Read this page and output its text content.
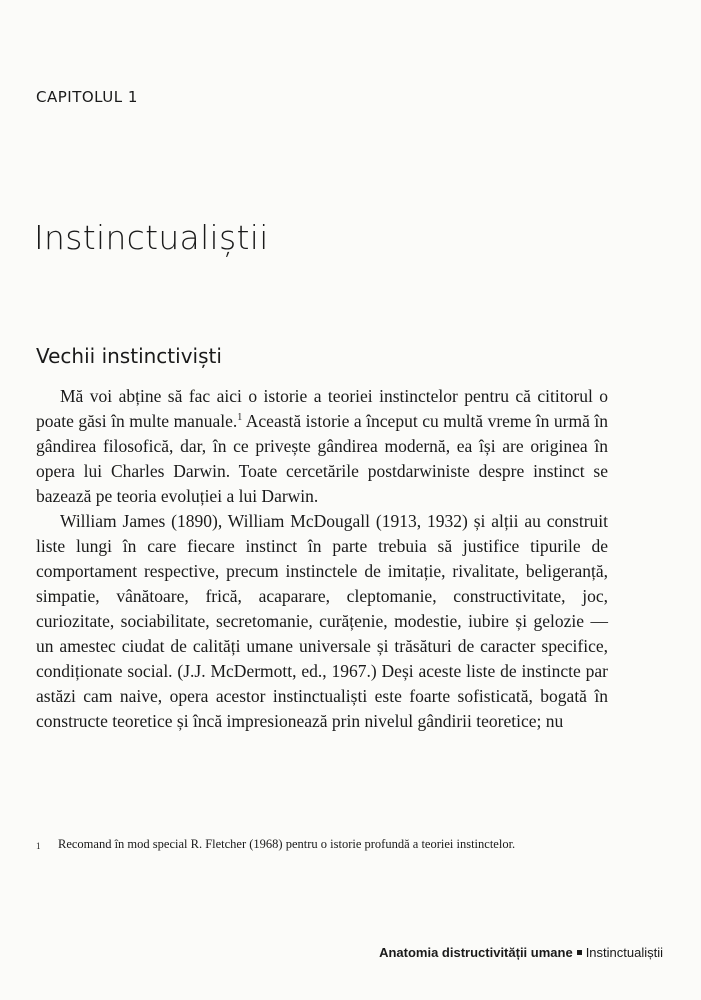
CAPITOLUL 1
Instinctualiștii
Vechii instinctiviști

Mă voi abține să fac aici o istorie a teoriei instinctelor pentru că cititorul o poate găsi în multe manuale.$^1$ Această istorie a început cu multă vreme în urmă în gândirea filosofică, dar, în ce privește gândirea modernă, ea își are originea în opera lui Charles Darwin. Toate cercetările postdarwiniste despre instinct se bazează pe teoria evoluției a lui Darwin.

William James (1890), William McDougall (1913, 1932) și alții au construit liste lungi în care fiecare instinct în parte trebuia să justifice tipurile de comportament respective, precum instinctele de imitație, rivalitate, beligeranță, simpatie, vânătoare, frică, acaparare, cleptomanie, constructivitate, joc, curiozitate, sociabilitate, secretomanie, curățenie, modestie, iubire și gelozie — un amestec ciudat de calități umane universale și trăsături de caracter specifice, condiționate social. (J.J. McDermott, ed., 1967.) Deși aceste liste de instincte par astăzi cam naive, opera acestor instinctualiști este foarte sofisticată, bogată în constructe teoretice și încă impresionează prin nivelul gândirii teoretice; nu

1	Recomand în mod special R. Fletcher (1968) pentru o istorie profundă a teoriei instinctelor.
Anatomia distructivității umane Instinctualiștii
